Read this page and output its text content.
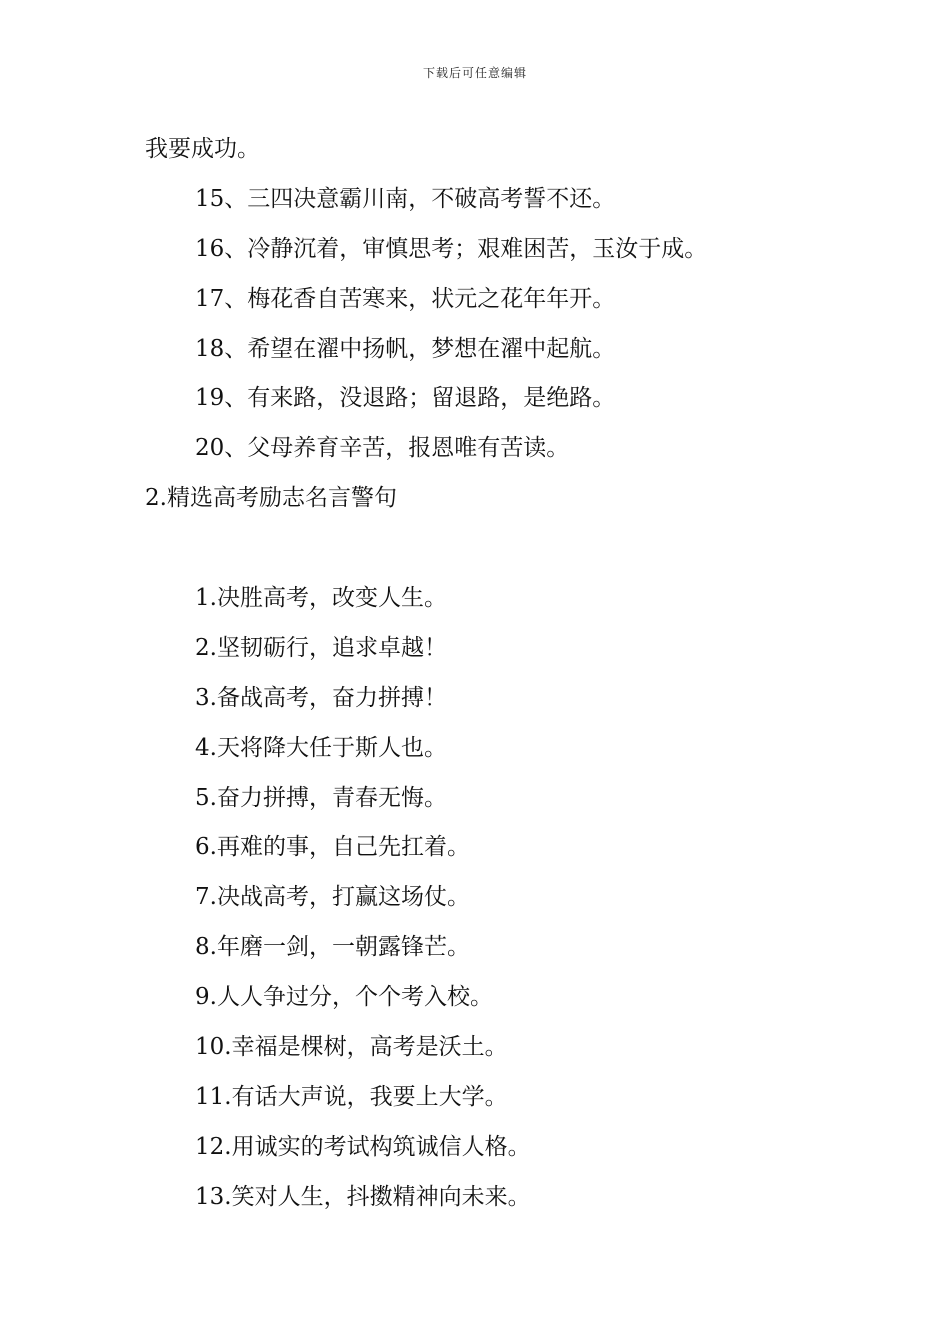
下载后可任意编辑
我要成功。
15、三四决意霸川南，不破高考誓不还。
16、冷静沉着，审慎思考；艰难困苦，玉汝于成。
17、梅花香自苦寒来，状元之花年年开。
18、希望在濯中扬帆，梦想在濯中起航。
19、有来路，没退路；留退路，是绝路。
20、父母养育辛苦，报恩唯有苦读。
2.精选高考励志名言警句
1.决胜高考，改变人生。
2.坚韧砺行，追求卓越！
3.备战高考，奋力拼搏！
4.天将降大任于斯人也。
5.奋力拼搏，青春无悔。
6.再难的事，自己先扛着。
7.决战高考，打赢这场仗。
8.年磨一剑，一朝露锋芒。
9.人人争过分，个个考入校。
10.幸福是棵树，高考是沃土。
11.有话大声说，我要上大学。
12.用诚实的考试构筑诚信人格。
13.笑对人生，抖擞精神向未来。
